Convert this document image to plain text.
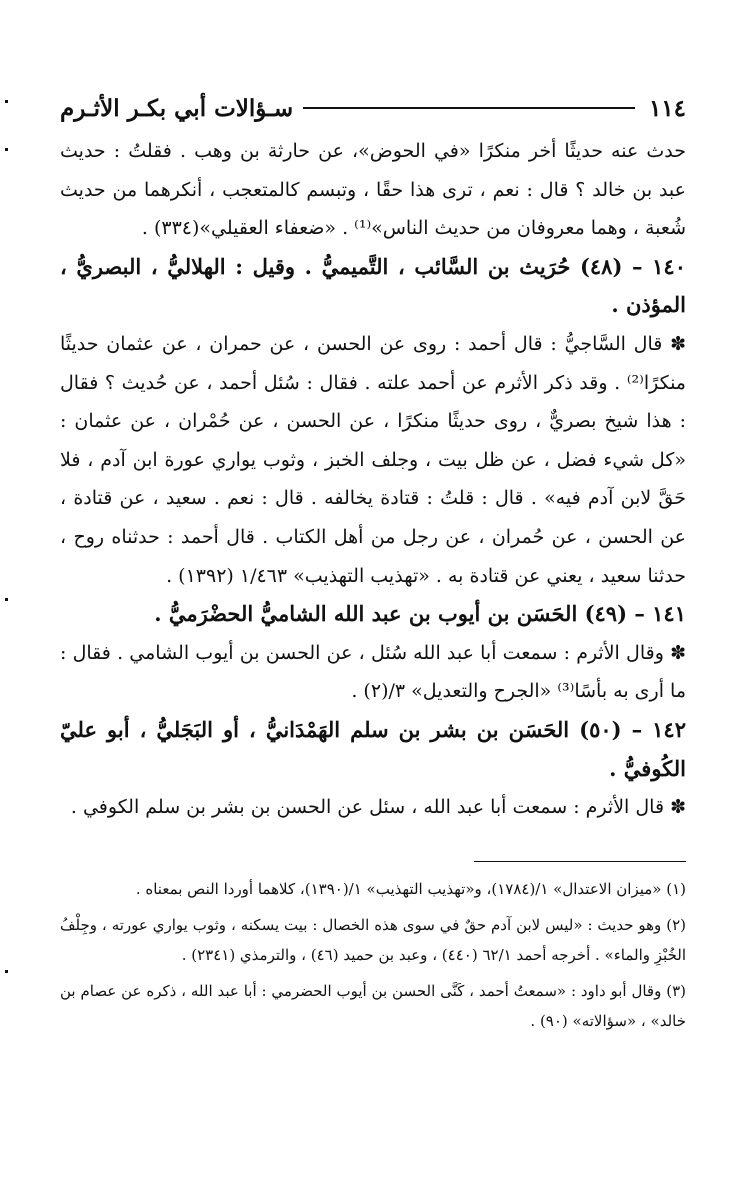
١١٤
سـؤالات أبي بكـر الأثـرم

حدث عنه حديثًا أخر منكرًا «في الحوض»، عن حارثة بن وهب . فقلتُ : حديث عبد بن خالد ؟ قال : نعم ، ترى هذا حقًا ، وتبسم كالمتعجب ، أنكرهما من حديث شُعبة ، وهما معروفان من حديث الناس»⁽¹⁾ . «ضعفاء العقيلي»(٣٣٤) .

١٤٠ – (٤٨) حُرَيث بن السَّائب ، التَّميميُّ . وقيل : الهلاليُّ ، البصريُّ ، المؤذن .

✽ قال السَّاجيُّ : قال أحمد : روى عن الحسن ، عن حمران ، عن عثمان حديثًا منكرًا⁽²⁾ . وقد ذكر الأثرم عن أحمد علته . فقال : سُئل أحمد ، عن حُديث ؟ فقال : هذا شيخ بصريٌّ ، روى حديثًا منكرًا ، عن الحسن ، عن حُمْران ، عن عثمان : «كل شيء فضل ، عن ظل بيت ، وجلف الخبز ، وثوب يواري عورة ابن آدم ، فلا حَقَّ لابن آدم فيه» . قال : قلتُ : قتادة يخالفه . قال : نعم . سعيد ، عن قتادة ، عن الحسن ، عن حُمران ، عن رجل من أهل الكتاب . قال أحمد : حدثناه روح ، حدثنا سعيد ، يعني عن قتادة به . «تهذيب التهذيب» ١/٤٦٣ (١٣٩٢) .

١٤١ – (٤٩) الحَسَن بن أيوب بن عبد الله الشاميُّ الحضْرَميُّ .

✽ وقال الأثرم : سمعت أبا عبد الله سُئل ، عن الحسن بن أيوب الشامي . فقال : ما أرى به بأسًا⁽³⁾ «الجرح والتعديل» ٣/(٢) .

١٤٢ – (٥٠) الحَسَن بن بشر بن سلم الهَمْدَانيُّ ، أو البَجَليُّ ، أبو عليّ الكُوفيُّ .

✽ قال الأثرم : سمعت أبا عبد الله ، سئل عن الحسن بن بشر بن سلم الكوفي .

(١) «ميزان الاعتدال» ١/(١٧٨٤)، و«تهذيب التهذيب» ١/(١٣٩٠)، كلاهما أوردا النص بمعناه .

(٢) وهو حديث : «ليس لابن آدم حقٌ في سوى هذه الخصال : بيت يسكنه ، وثوب يواري عورته ، وجِلْفُ الخُبْزِ والماء» . أخرجه أحمد ٦٢/١ (٤٤٠) ، وعبد بن حميد (٤٦) ، والترمذي (٢٣٤١) .

(٣) وقال أبو داود : «سمعتُ أحمد ، كَنَّى الحسن بن أيوب الحضرمي : أبا عبد الله ، ذكره عن عصام بن خالد» ، «سؤالاته» (٩٠) .
